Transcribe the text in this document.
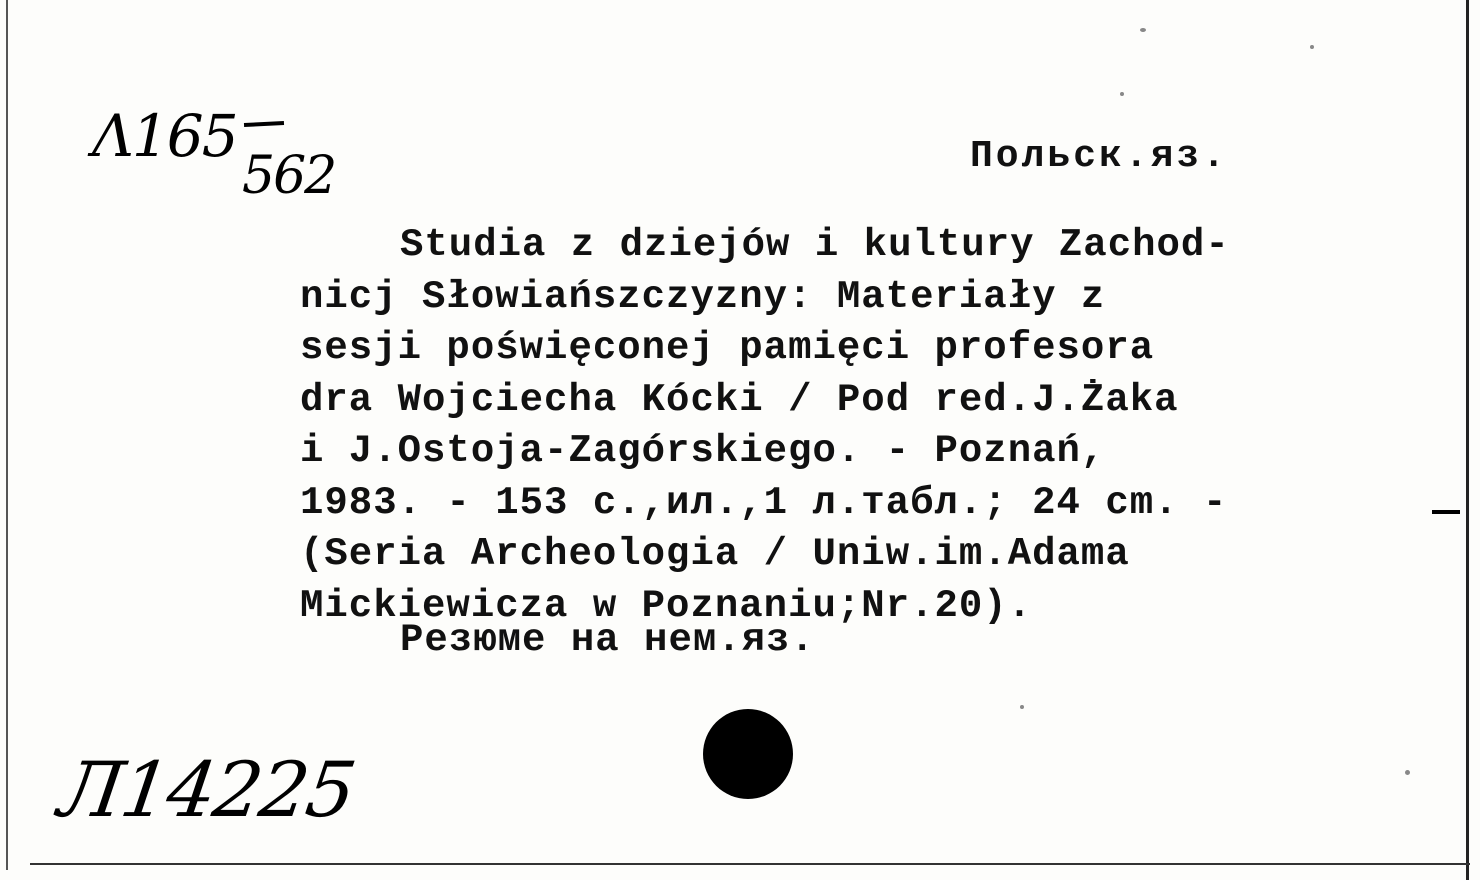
Λ165
562	Польск.яз.
Studia z dziejów i kultury Zachod-
nicj Słowiańszczyzny: Materiały z
sesji poświęconej pamięci profesora
dra Wojciecha Kócki / Pod red.J.Żaka
i J.Ostoja-Zagórskiego. - Poznań,
1983. - 153 с.,ил.,1 л.табл.; 24 cm. -
(Seria Archeologia / Uniw.im.Adama
Mickiewicza w Poznaniu;Nr.20).
Резюме на нем.яз.
Л14225
